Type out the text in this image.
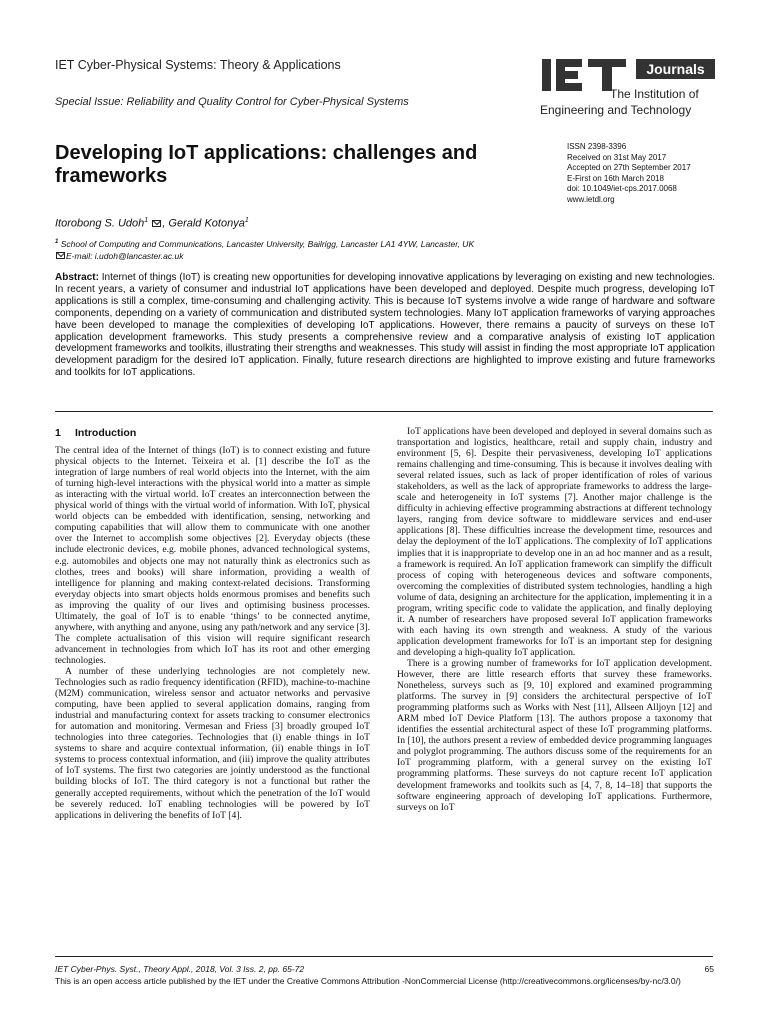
IET Cyber-Physical Systems: Theory & Applications
Special Issue: Reliability and Quality Control for Cyber-Physical Systems
Journals
The Institution of
Engineering and Technology
Developing IoT applications: challenges and frameworks
ISSN 2398-3396
Received on 31st May 2017
Accepted on 27th September 2017
E-First on 16th March 2018
doi: 10.1049/iet-cps.2017.0068
www.ietdl.org
Itorobong S. Udoh$^1$ , Gerald Kotonya$^1$
$^1$ School of Computing and Communications, Lancaster University, Bailrigg, Lancaster LA1 4YW, Lancaster, UK
E-mail: i.udoh@lancaster.ac.uk
Abstract: Internet of things (IoT) is creating new opportunities for developing innovative applications by leveraging on existing and new technologies. In recent years, a variety of consumer and industrial IoT applications have been developed and deployed. Despite much progress, developing IoT applications is still a complex, time-consuming and challenging activity. This is because IoT systems involve a wide range of hardware and software components, depending on a variety of communication and distributed system technologies. Many IoT application frameworks of varying approaches have been developed to manage the complexities of developing IoT applications. However, there remains a paucity of surveys on these IoT application development frameworks. This study presents a comprehensive review and a comparative analysis of existing IoT application development frameworks and toolkits, illustrating their strengths and weaknesses. This study will assist in finding the most appropriate IoT application development paradigm for the desired IoT application. Finally, future research directions are highlighted to improve existing and future frameworks and toolkits for IoT applications.
1 Introduction

The central idea of the Internet of things (IoT) is to connect existing and future physical objects to the Internet. Teixeira et al. [1] describe the IoT as the integration of large numbers of real world objects into the Internet, with the aim of turning high-level interactions with the physical world into a matter as simple as interacting with the virtual world. IoT creates an interconnection between the physical world of things with the virtual world of information. With IoT, physical world objects can be embedded with identification, sensing, networking and computing capabilities that will allow them to communicate with one another over the Internet to accomplish some objectives [2]. Everyday objects (these include electronic devices, e.g. mobile phones, advanced technological systems, e.g. automobiles and objects one may not naturally think as electronics such as clothes, trees and books) will share information, providing a wealth of intelligence for planning and making context-related decisions. Transforming everyday objects into smart objects holds enormous promises and benefits such as improving the quality of our lives and optimising business processes. Ultimately, the goal of IoT is to enable ‘things’ to be connected anytime, anywhere, with anything and anyone, using any path/network and any service [3]. The complete actualisation of this vision will require significant research advancement in technologies from which IoT has its root and other emerging technologies.

A number of these underlying technologies are not completely new. Technologies such as radio frequency identification (RFID), machine-to-machine (M2M) communication, wireless sensor and actuator networks and pervasive computing, have been applied to several application domains, ranging from industrial and manufacturing context for assets tracking to consumer electronics for automation and monitoring. Vermesan and Friess [3] broadly grouped IoT technologies into three categories. Technologies that (i) enable things in IoT systems to share and acquire contextual information, (ii) enable things in IoT systems to process contextual information, and (iii) improve the quality attributes of IoT systems. The first two categories are jointly understood as the functional building blocks of IoT. The third category is not a functional but rather the generally accepted requirements, without which the penetration of the IoT would be severely reduced. IoT enabling technologies will be powered by IoT applications in delivering the benefits of IoT [4].

IoT applications have been developed and deployed in several domains such as transportation and logistics, healthcare, retail and supply chain, industry and environment [5, 6]. Despite their pervasiveness, developing IoT applications remains challenging and time-consuming. This is because it involves dealing with several related issues, such as lack of proper identification of roles of various stakeholders, as well as the lack of appropriate frameworks to address the large-scale and heterogeneity in IoT systems [7]. Another major challenge is the difficulty in achieving effective programming abstractions at different technology layers, ranging from device software to middleware services and end-user applications [8]. These difficulties increase the development time, resources and delay the deployment of the IoT applications. The complexity of IoT applications implies that it is inappropriate to develop one in an ad hoc manner and as a result, a framework is required. An IoT application framework can simplify the difficult process of coping with heterogeneous devices and software components, overcoming the complexities of distributed system technologies, handling a high volume of data, designing an architecture for the application, implementing it in a program, writing specific code to validate the application, and finally deploying it. A number of researchers have proposed several IoT application frameworks with each having its own strength and weakness. A study of the various application development frameworks for IoT is an important step for designing and developing a high-quality IoT application.

There is a growing number of frameworks for IoT application development. However, there are little research efforts that survey these frameworks. Nonetheless, surveys such as [9, 10] explored and examined programming platforms. The survey in [9] considers the architectural perspective of IoT programming platforms such as Works with Nest [11], Allseen Alljoyn [12] and ARM mbed IoT Device Platform [13]. The authors propose a taxonomy that identifies the essential architectural aspect of these IoT programming platforms. In [10], the authors present a review of embedded device programming languages and polyglot programming. The authors discuss some of the requirements for an IoT programming platform, with a general survey on the existing IoT programming platforms. These surveys do not capture recent IoT application development frameworks and toolkits such as [4, 7, 8, 14–18] that supports the software engineering approach of developing IoT applications. Furthermore, surveys on IoT

IET Cyber-Phys. Syst., Theory Appl., 2018, Vol. 3 Iss. 2, pp. 65-72	65
This is an open access article published by the IET under the Creative Commons Attribution -NonCommercial License (http://creativecommons.org/licenses/by-nc/3.0/)
